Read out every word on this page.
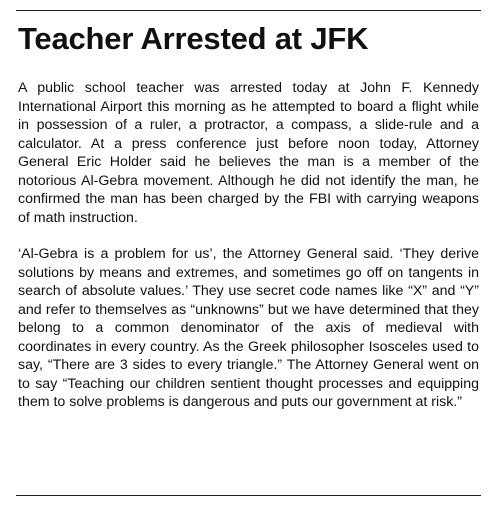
Teacher Arrested at JFK

A public school teacher was arrested today at John F. Kennedy International Airport this morning as he attempted to board a flight while in possession of a ruler, a protractor, a compass, a slide-rule and a calculator. At a press conference just before noon today, Attorney General Eric Holder said he believes the man is a member of the notorious Al-Gebra movement. Although he did not identify the man, he confirmed the man has been charged by the FBI with carrying weapons of math instruction.

‘Al-Gebra is a problem for us’, the Attorney General said. ‘They derive solutions by means and extremes, and sometimes go off on tangents in search of absolute values.’ They use secret code names like “X” and “Y” and refer to themselves as “unknowns” but we have determined that they belong to a common denominator of the axis of medieval with coordinates in every country. As the Greek philosopher Isosceles used to say, “There are 3 sides to every triangle.” The Attorney General went on to say “Teaching our children sentient thought processes and equipping them to solve problems is dangerous and puts our government at risk.”
